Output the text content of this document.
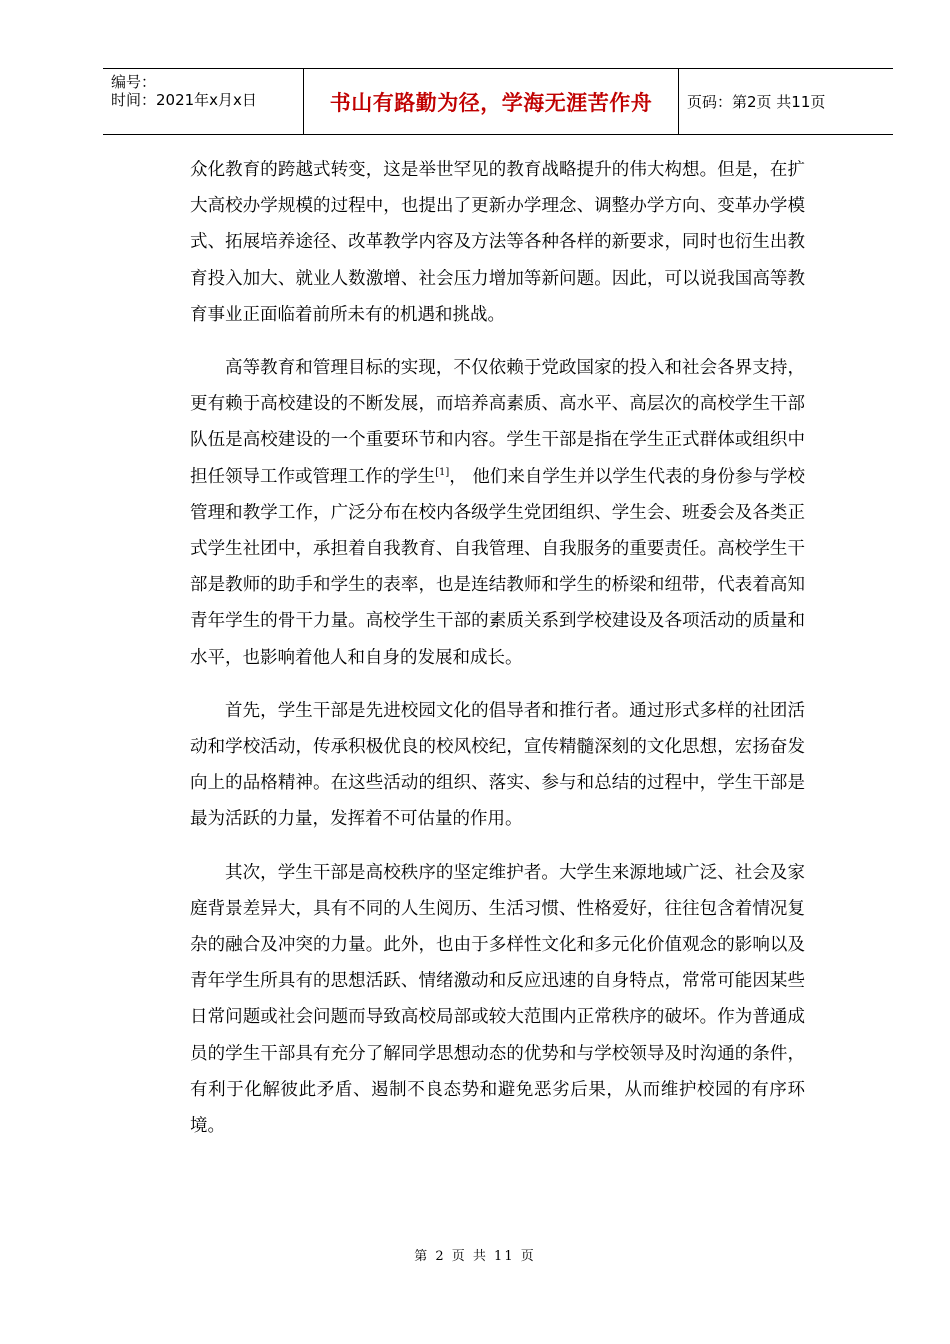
编号：
时间：2021年x月x日	书山有路勤为径，学海无涯苦作舟 页码：第2页 共11页

众化教育的跨越式转变，这是举世罕见的教育战略提升的伟大构想。但是，在扩大高校办学规模的过程中，也提出了更新办学理念、调整办学方向、变革办学模式、拓展培养途径、改革教学内容及方法等各种各样的新要求，同时也衍生出教育投入加大、就业人数激增、社会压力增加等新问题。因此，可以说我国高等教育事业正面临着前所未有的机遇和挑战。

高等教育和管理目标的实现，不仅依赖于党政国家的投入和社会各界支持，更有赖于高校建设的不断发展，而培养高素质、高水平、高层次的高校学生干部队伍是高校建设的一个重要环节和内容。学生干部是指在学生正式群体或组织中担任领导工作或管理工作的学生[1]， 他们来自学生并以学生代表的身份参与学校管理和教学工作，广泛分布在校内各级学生党团组织、学生会、班委会及各类正式学生社团中，承担着自我教育、自我管理、自我服务的重要责任。高校学生干部是教师的助手和学生的表率，也是连结教师和学生的桥梁和纽带，代表着高知青年学生的骨干力量。高校学生干部的素质关系到学校建设及各项活动的质量和水平，也影响着他人和自身的发展和成长。

首先，学生干部是先进校园文化的倡导者和推行者。通过形式多样的社团活动和学校活动，传承积极优良的校风校纪，宣传精髓深刻的文化思想，宏扬奋发向上的品格精神。在这些活动的组织、落实、参与和总结的过程中，学生干部是最为活跃的力量，发挥着不可估量的作用。

其次，学生干部是高校秩序的坚定维护者。大学生来源地域广泛、社会及家庭背景差异大，具有不同的人生阅历、生活习惯、性格爱好，往往包含着情况复杂的融合及冲突的力量。此外，也由于多样性文化和多元化价值观念的影响以及青年学生所具有的思想活跃、情绪激动和反应迅速的自身特点，常常可能因某些日常问题或社会问题而导致高校局部或较大范围内正常秩序的破坏。作为普通成员的学生干部具有充分了解同学思想动态的优势和与学校领导及时沟通的条件，有利于化解彼此矛盾、遏制不良态势和避免恶劣后果，从而维护校园的有序环境。

第 2 页 共 11 页
